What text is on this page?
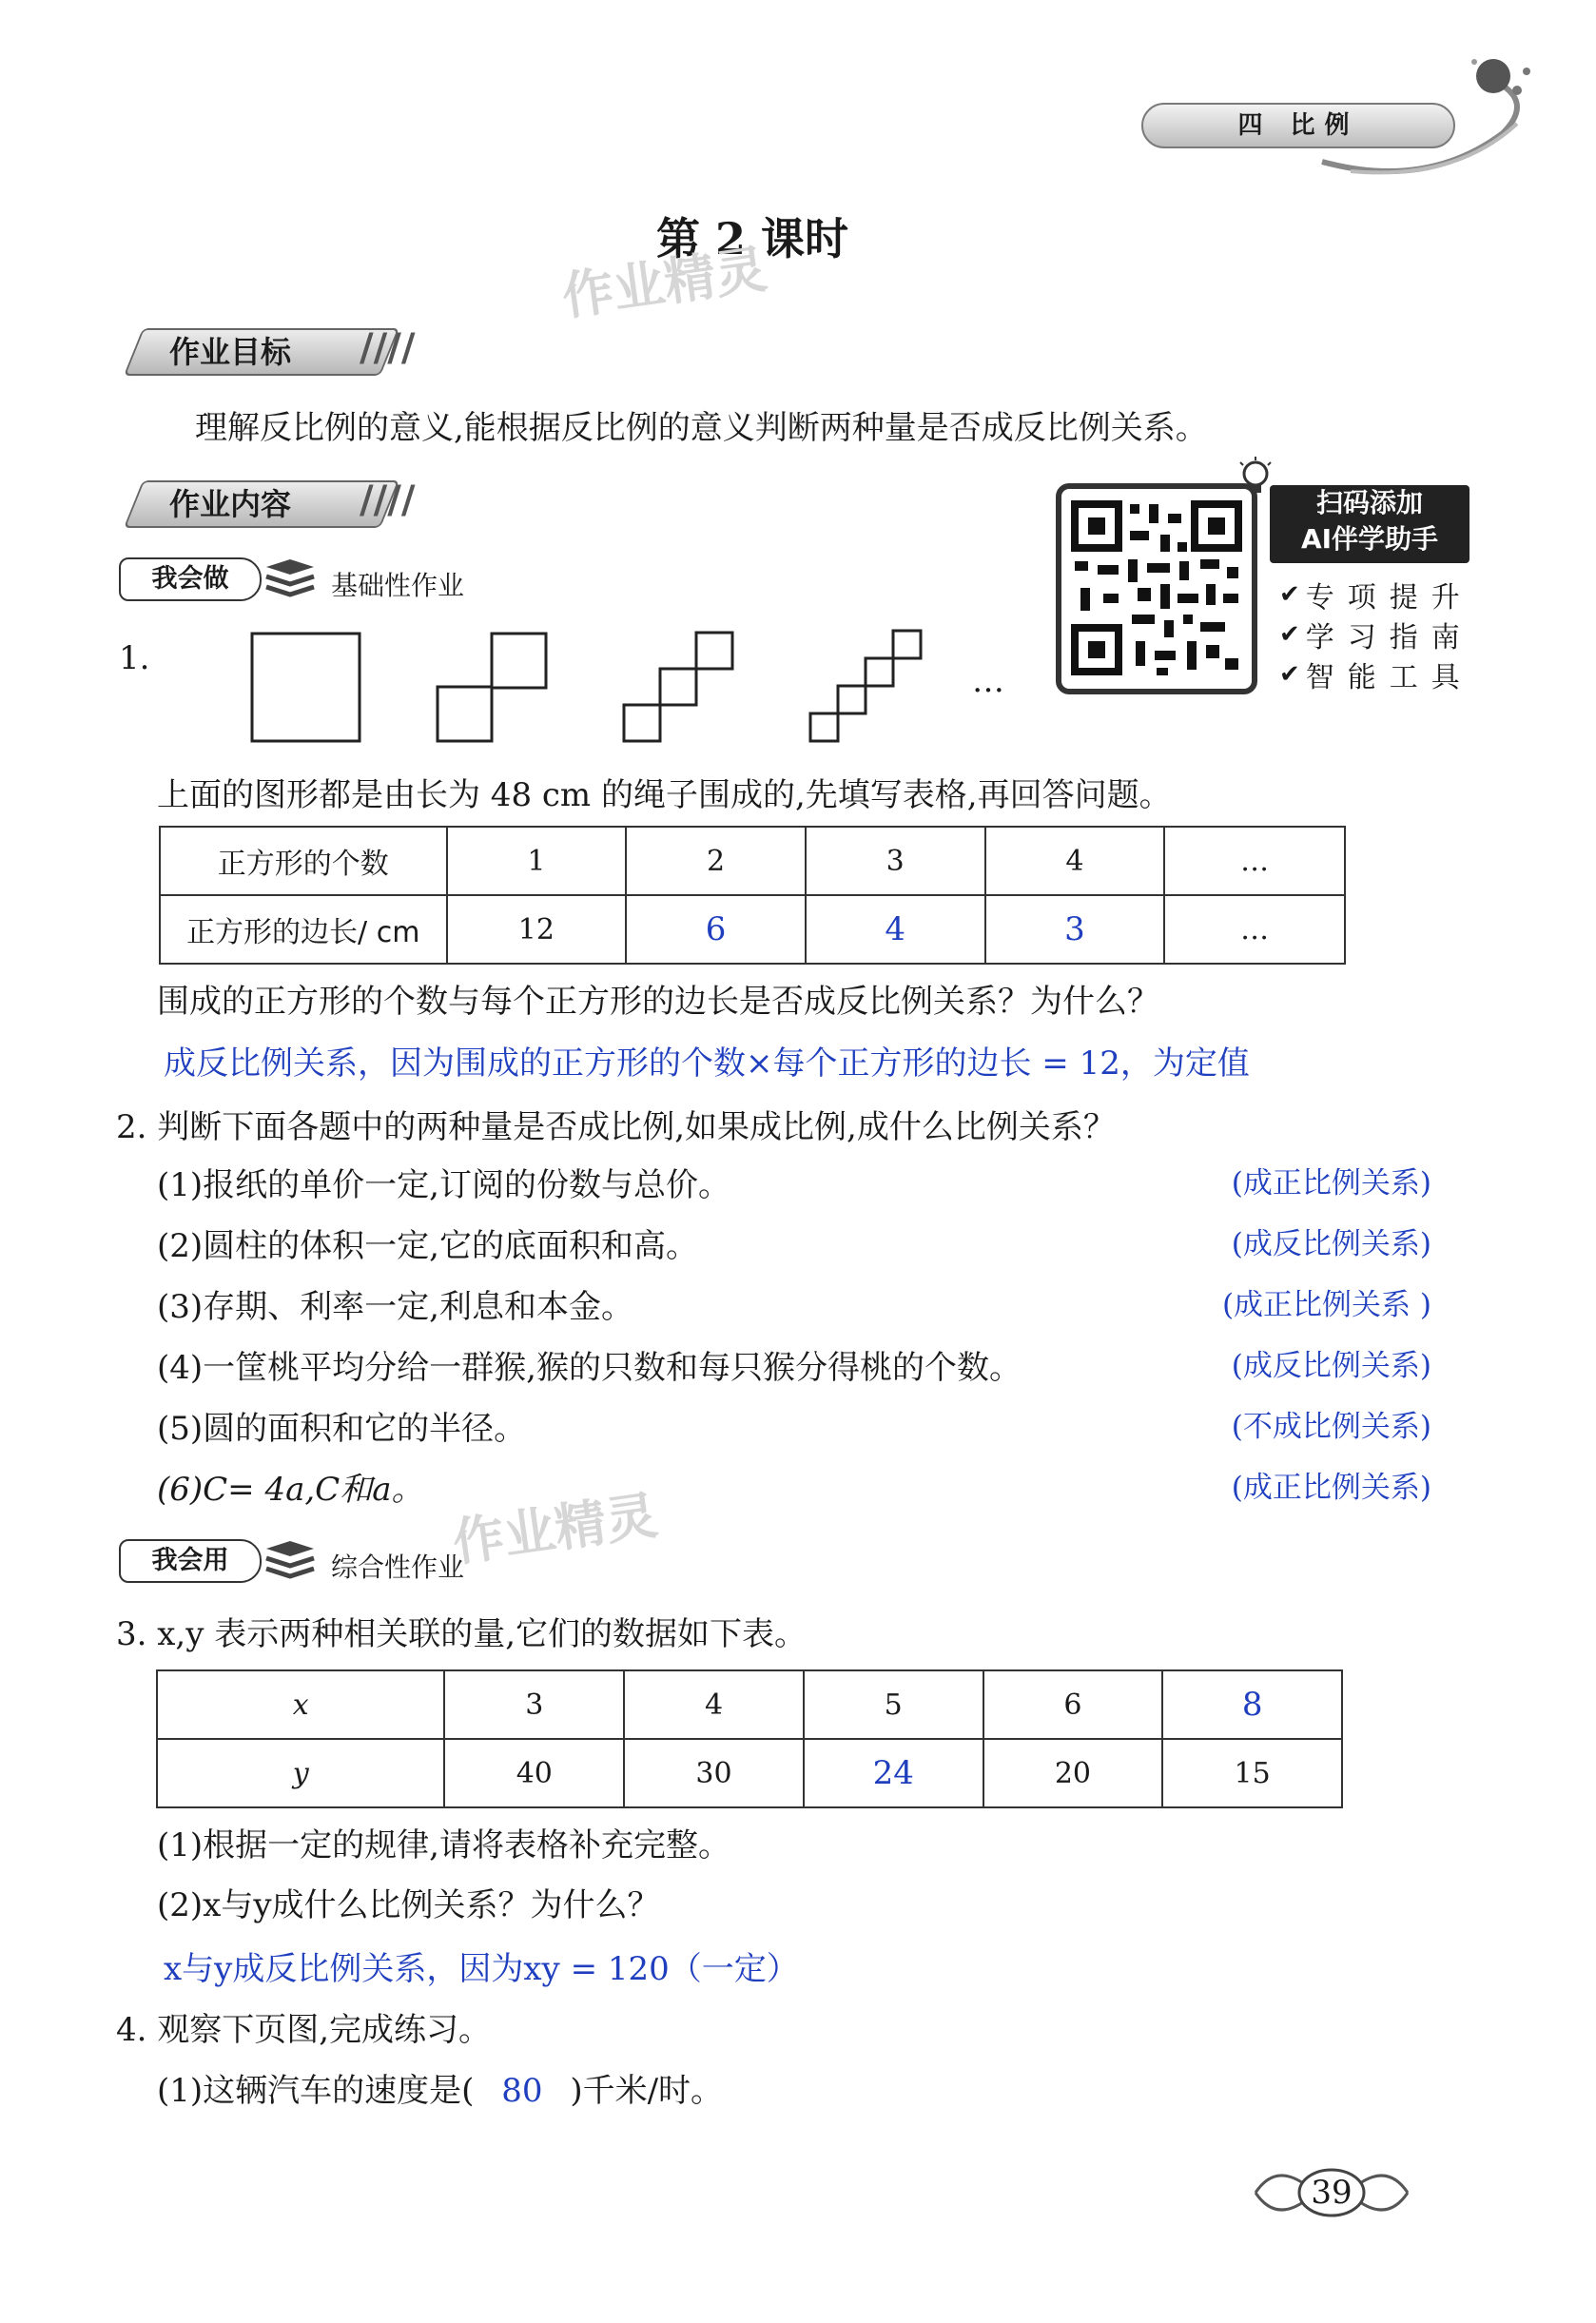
四 比例
第 2 课时
作业精灵
作业目标	////
理解反比例的意义,能根据反比例的意义判断两种量是否成反比例关系。
作业内容	////	扫码添加
AI伴学助手
✔ 专项提升
✔ 学习指南
✔ 智能工具
我会做	基础性作业
1.
…
上面的图形都是由长为 48 cm 的绳子围成的,先填写表格,再回答问题。
正方形的个数	1	2	3	4	…
正方形的边长/ cm	12	6	4	3	…
围成的正方形的个数与每个正方形的边长是否成反比例关系？为什么？
成反比例关系，因为围成的正方形的个数×每个正方形的边长 = 12，为定值
2. 判断下面各题中的两种量是否成比例,如果成比例,成什么比例关系？
(1)报纸的单价一定,订阅的份数与总价。	(成正比例关系)
(2)圆柱的体积一定,它的底面积和高。	(成反比例关系)
(3)存期、利率一定,利息和本金。	(成正比例关系 )
(4)一筐桃平均分给一群猴,猴的只数和每只猴分得桃的个数。	(成反比例关系)
(5)圆的面积和它的半径。	(不成比例关系)
(6)C= 4a,C和a。	(成正比例关系)
作业精灵
我会用	综合性作业
3. x,y 表示两种相关联的量,它们的数据如下表。
x	3	4	5	6	8
y	40	30	24	20	15
(1)根据一定的规律,请将表格补充完整。
(2)x与y成什么比例关系？为什么？
x与y成反比例关系，因为xy = 120（一定）
4. 观察下页图,完成练习。
(1)这辆汽车的速度是( 80 )千米/时。
39
